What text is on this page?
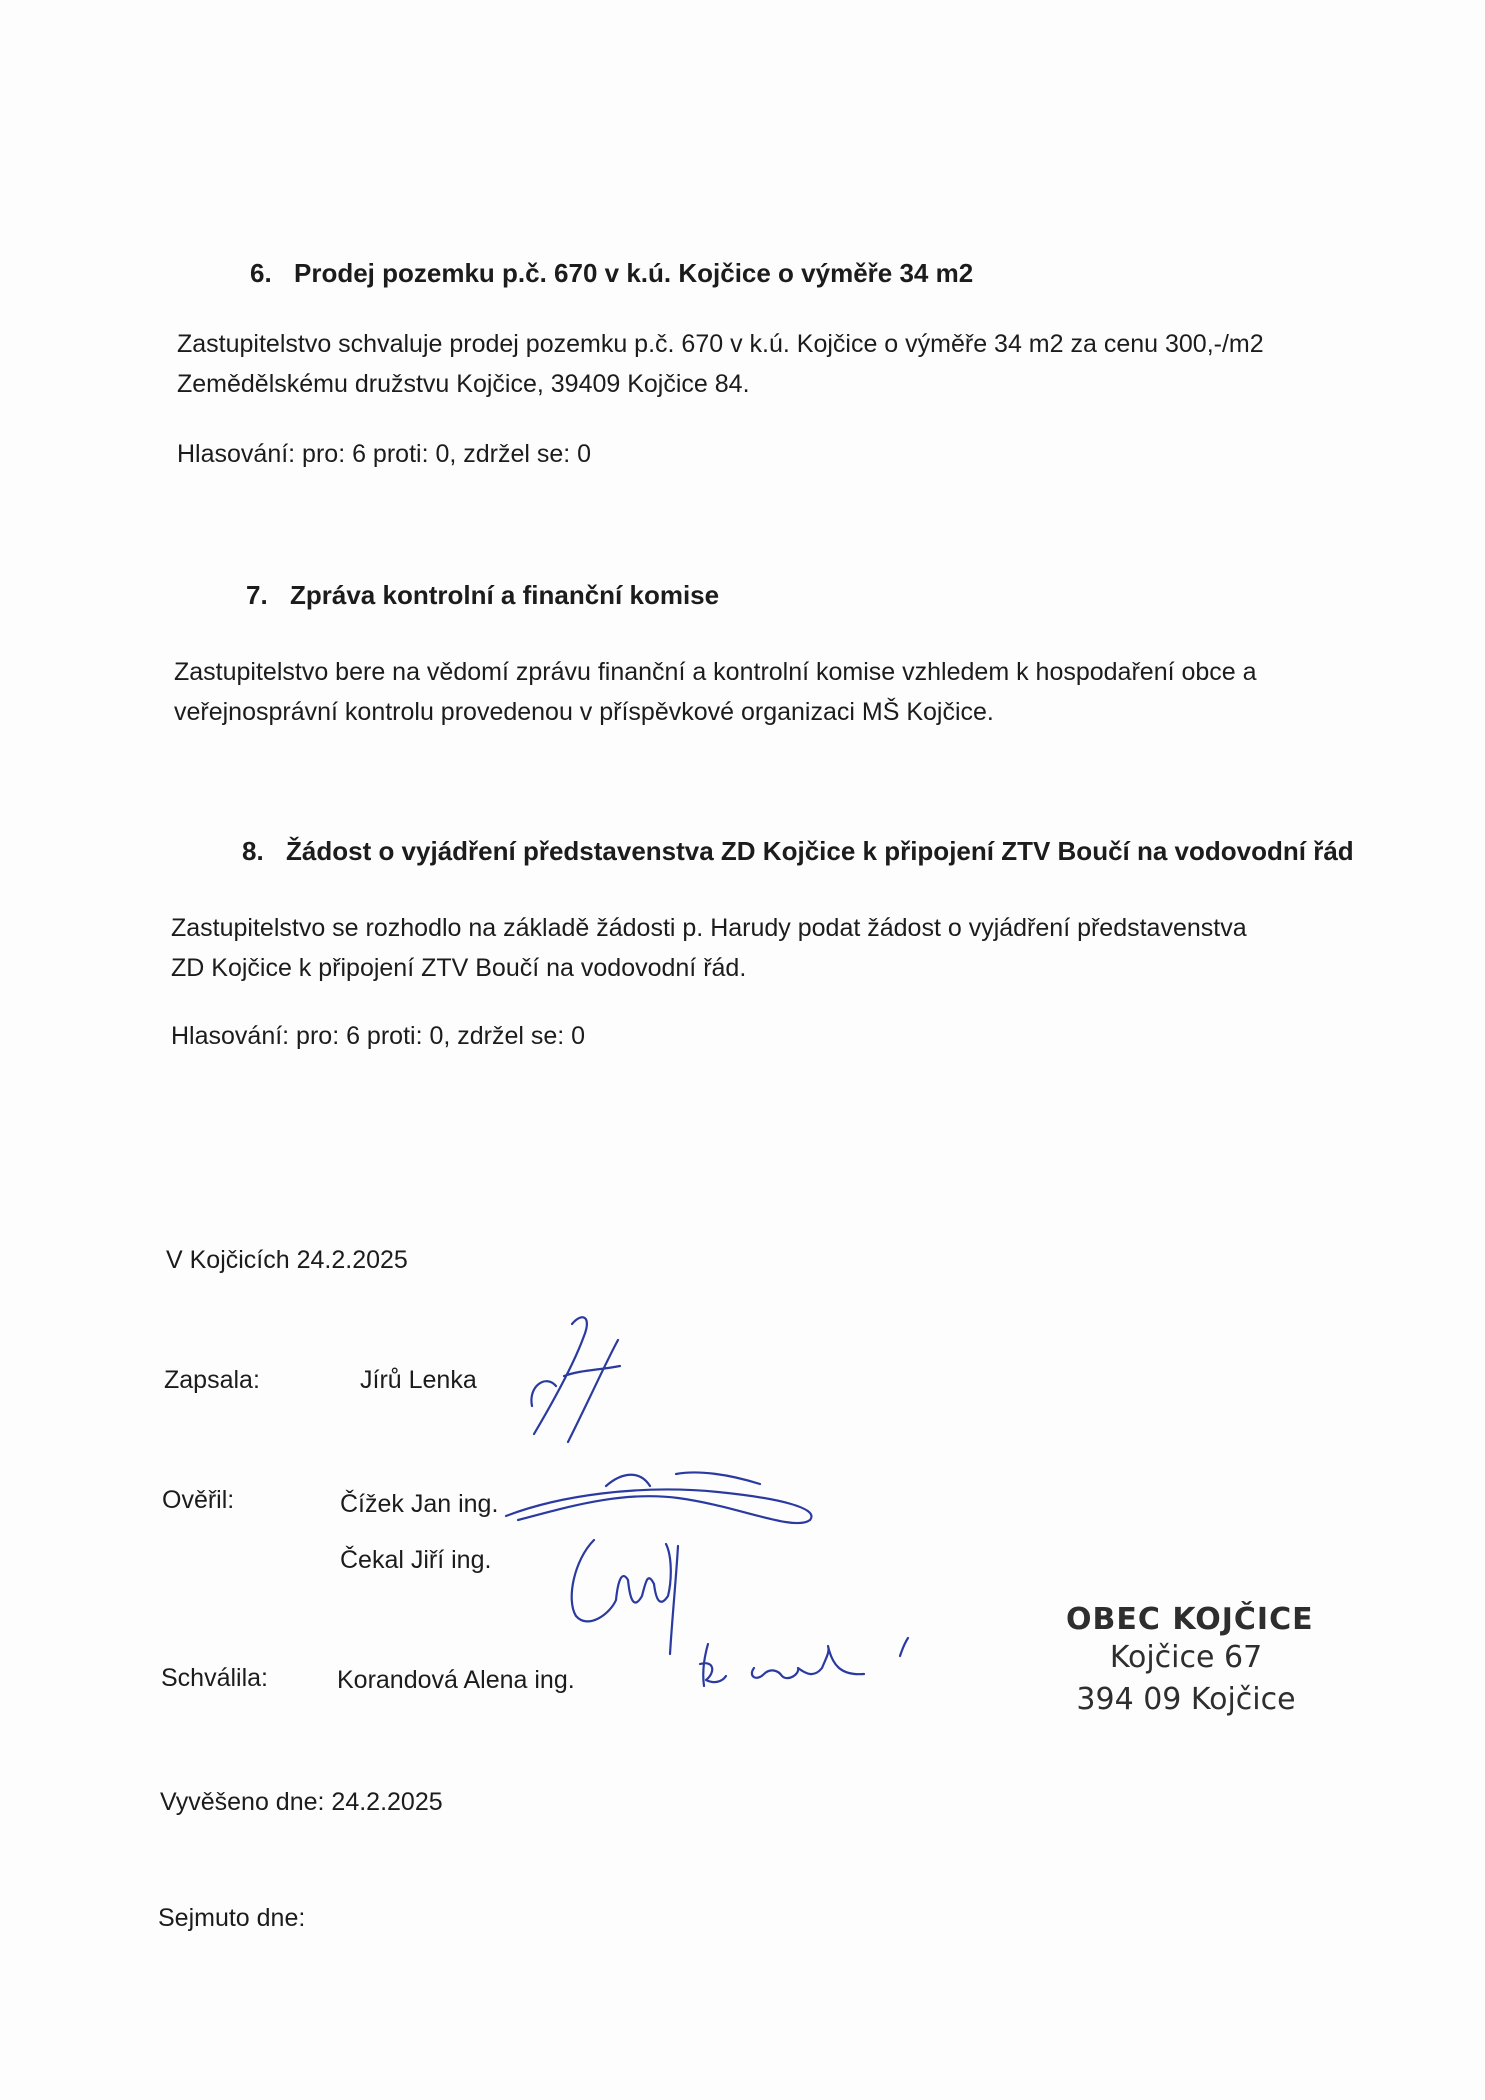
6. Prodej pozemku p.č. 670 v k.ú. Kojčice o výměře 34 m2

Zastupitelstvo schvaluje prodej pozemku p.č. 670 v k.ú. Kojčice o výměře 34 m2 za cenu 300,-/m2

Zemědělskému družstvu Kojčice, 39409 Kojčice 84.

Hlasování: pro: 6 proti: 0, zdržel se: 0

7. Zpráva kontrolní a finanční komise

Zastupitelstvo bere na vědomí zprávu finanční a kontrolní komise vzhledem k hospodaření obce a

veřejnosprávní kontrolu provedenou v příspěvkové organizaci MŠ Kojčice.

8. Žádost o vyjádření představenstva ZD Kojčice k připojení ZTV Boučí na vodovodní řád

Zastupitelstvo se rozhodlo na základě žádosti p. Harudy podat žádost o vyjádření představenstva

ZD Kojčice k připojení ZTV Boučí na vodovodní řád.

Hlasování: pro: 6 proti: 0, zdržel se: 0

V Kojčicích 24.2.2025

Zapsala:	Jírů Lenka

Ověřil:	Čížek Jan ing.

Čekal Jiří ing.

Schválila:	Korandová Alena ing.

OBEC KOJČICE
Kojčice 67
394 09 Kojčice

Vyvěšeno dne: 24.2.2025

Sejmuto dne:
